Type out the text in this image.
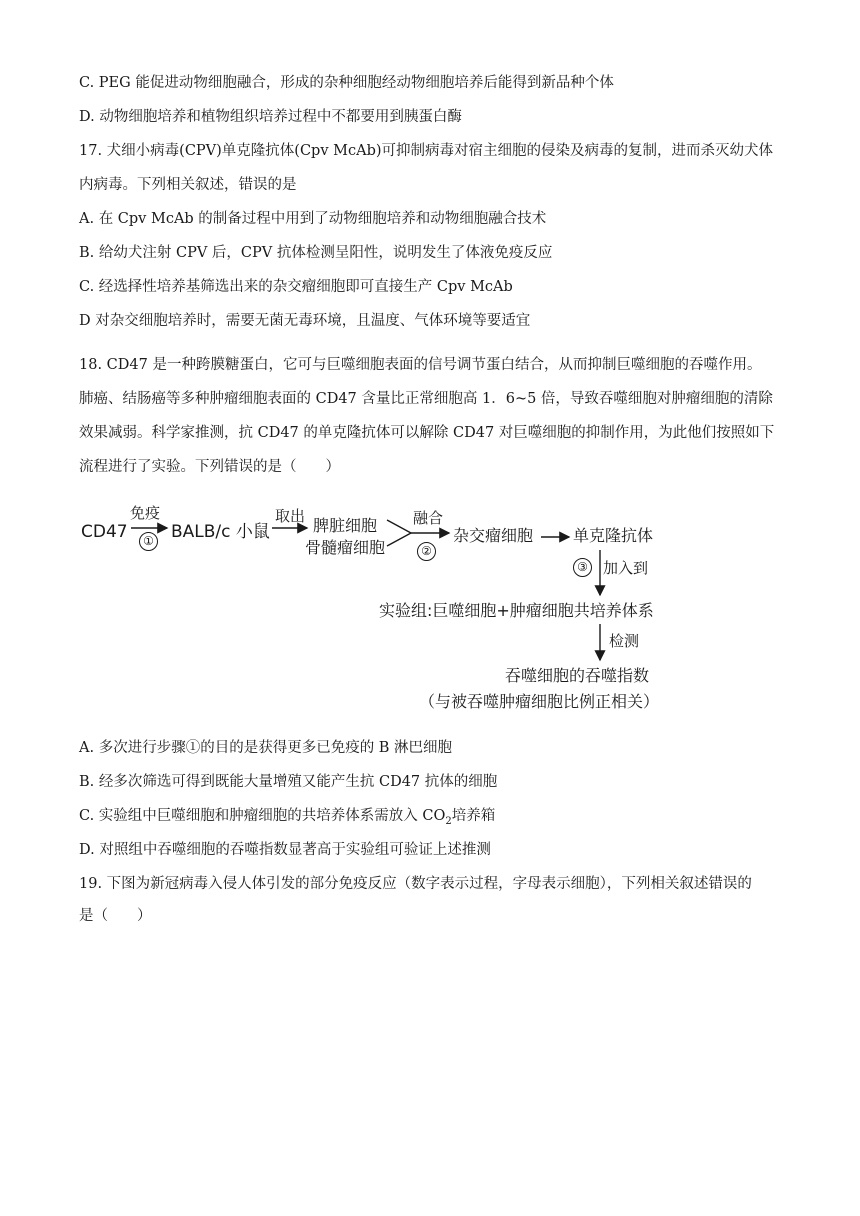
C. PEG 能促进动物细胞融合，形成的杂种细胞经动物细胞培养后能得到新品种个体
D. 动物细胞培养和植物组织培养过程中不都要用到胰蛋白酶
17. 犬细小病毒(CPV)单克隆抗体(Cpv McAb)可抑制病毒对宿主细胞的侵染及病毒的复制，进而杀灭幼犬体
内病毒。下列相关叙述，错误的是
A. 在 Cpv McAb 的制备过程中用到了动物细胞培养和动物细胞融合技术
B. 给幼犬注射 CPV 后，CPV 抗体检测呈阳性，说明发生了体液免疫反应
C. 经选择性培养基筛选出来的杂交瘤细胞即可直接生产 Cpv McAb
D 对杂交细胞培养时，需要无菌无毒环境，且温度、气体环境等要适宜
18. CD47 是一种跨膜糖蛋白，它可与巨噬细胞表面的信号调节蛋白结合，从而抑制巨噬细胞的吞噬作用。
肺癌、结肠癌等多种肿瘤细胞表面的 CD47 含量比正常细胞高 1．6~5 倍，导致吞噬细胞对肿瘤细胞的清除
效果减弱。科学家推测，抗 CD47 的单克隆抗体可以解除 CD47 对巨噬细胞的抑制作用，为此他们按照如下
流程进行了实验。下列错误的是（　　）
CD47
免疫
① BALB/c 小鼠
取出 脾脏细胞
骨髓瘤细胞
融合
②
杂交瘤细胞 单克隆抗体
③ 加入到
实验组:巨噬细胞+肿瘤细胞共培养体系
检测
吞噬细胞的吞噬指数
（与被吞噬肿瘤细胞比例正相关）
A. 多次进行步骤①的目的是获得更多已免疫的 B 淋巴细胞
B. 经多次筛选可得到既能大量增殖又能产生抗 CD47 抗体的细胞
C. 实验组中巨噬细胞和肿瘤细胞的共培养体系需放入 $CO_2$培养箱
D. 对照组中吞噬细胞的吞噬指数显著高于实验组可验证上述推测
19. 下图为新冠病毒入侵人体引发的部分免疫反应（数字表示过程，字母表示细胞），下列相关叙述错误的
是（　　）
